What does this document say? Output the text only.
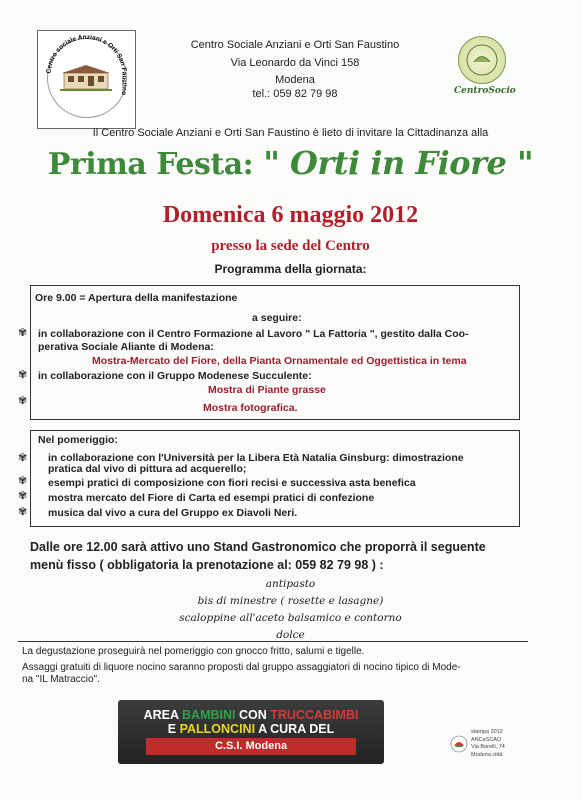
Centro sociale Anziani e Orti San Faustino
Centro Sociale Anziani e Orti San Faustino
Via Leonardo da Vinci 158
Modena
tel.: 059 82 79 98	CentroSocio
Il Centro Sociale Anziani e Orti San Faustino è lieto di invitare la Cittadinanza alla
Prima Festa: " Orti in Fiore "
Domenica 6 maggio 2012
presso la sede del Centro
Programma della giornata:
Ore 9.00 = Apertura della manifestazione
a seguire:
✾ in collaborazione con il Centro Formazione al Lavoro " La Fattoria ", gestito dalla Coo-
perativa Sociale Aliante di Modena:
Mostra-Mercato del Fiore, della Pianta Ornamentale ed Oggettistica in tema
✾ in collaborazione con il Gruppo Modenese Succulente:
Mostra di Piante grasse
✾
Mostra fotografica.
Nel pomeriggio:
✾ in collaborazione con l'Università per la Libera Età Natalia Ginsburg: dimostrazione
pratica dal vivo di pittura ad acquerello;
✾ esempi pratici di composizione con fiori recisi e successiva asta benefica
✾ mostra mercato del Fiore di Carta ed esempi pratici di confezione
✾ musica dal vivo a cura del Gruppo ex Diavoli Neri.
Dalle ore 12.00 sarà attivo uno Stand Gastronomico che proporrà il seguente
menù fisso ( obbligatoria la prenotazione al: 059 82 79 98 ) :
antipasto
bis di minestre ( rosette e lasagne)
scaloppine all'aceto balsamico e contorno
dolce
La degustazione proseguirà nel pomeriggio con gnocco fritto, salumi e tigelle.
Assaggi gratuiti di liquore nocino saranno proposti dal gruppo assaggiatori di nocino tipico di Mode-
na "IL Matraccio".
AREA BAMBINI CON TRUCCABIMBI
E PALLONCINI A CURA DEL
C.S.I. Modena
stampa 2012
ANCeSCAO
Via Borelli, 74
Modena città
